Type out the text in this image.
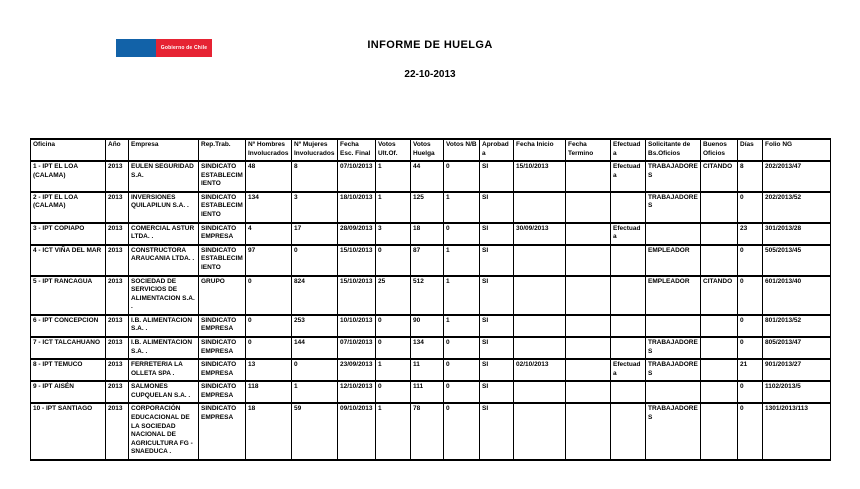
Gobierno de Chile	INFORME DE HUELGA
22-10-2013
Oficina	Año	Empresa	Rep.Trab.	Nº Hombres Involucrados	Nº Mujeres Involucrados	Fecha Esc. Final	Votos Ult.Of.	Votos Huelga	Votos N/B	Aprobada	Fecha Inicio	Fecha Termino	Efectuada	Solicitante de Bs.Oficios	Buenos Oficios	Días	Folio NG
1 - IPT EL LOA (CALAMA)	2013	EULEN SEGURIDAD S.A.	SINDICATO ESTABLECIMIENTO	48	8	07/10/2013	1	44	0	SI	15/10/2013		Efectuada	TRABAJADORES	CITANDO	8	202/2013/47
2 - IPT EL LOA (CALAMA)	2013	INVERSIONES QUILAPILUN S.A. .	SINDICATO ESTABLECIMIENTO	134	3	18/10/2013	1	125	1	SI				TRABAJADORES		0	202/2013/52
3 - IPT COPIAPO	2013	COMERCIAL ASTUR LTDA. .	SINDICATO EMPRESA	4	17	28/09/2013	3	18	0	SI	30/09/2013		Efectuada			23	301/2013/28
4 - ICT VIÑA DEL MAR	2013	CONSTRUCTORA ARAUCANIA LTDA. .	SINDICATO ESTABLECIMIENTO	97	0	15/10/2013	0	87	1	SI				EMPLEADOR		0	505/2013/45
5 - IPT RANCAGUA	2013	SOCIEDAD DE SERVICIOS DE ALIMENTACION S.A. .	GRUPO	0	824	15/10/2013	25	512	1	SI				EMPLEADOR	CITANDO	0	601/2013/40
6 - IPT CONCEPCION	2013	I.B. ALIMENTACION S.A. .	SINDICATO EMPRESA	0	253	10/10/2013	0	90	1	SI						0	801/2013/52
7 - ICT TALCAHUANO	2013	I.B. ALIMENTACION S.A. .	SINDICATO EMPRESA	0	144	07/10/2013	0	134	0	SI				TRABAJADORES		0	805/2013/47
8 - IPT TEMUCO	2013	FERRETERIA LA OLLETA SPA .	SINDICATO EMPRESA	13	0	23/09/2013	1	11	0	SI	02/10/2013		Efectuada	TRABAJADORES		21	901/2013/27
9 - IPT AISÉN	2013	SALMONES CUPQUELAN S.A. .	SINDICATO EMPRESA	118	1	12/10/2013	0	111	0	SI						0	1102/2013/5
10 - IPT SANTIAGO	2013	CORPORACIÓN EDUCACIONAL DE LA SOCIEDAD NACIONAL DE AGRICULTURA FG - SNAEDUCA .	SINDICATO EMPRESA	18	59	09/10/2013	1	78	0	SI				TRABAJADORES		0	1301/2013/113
